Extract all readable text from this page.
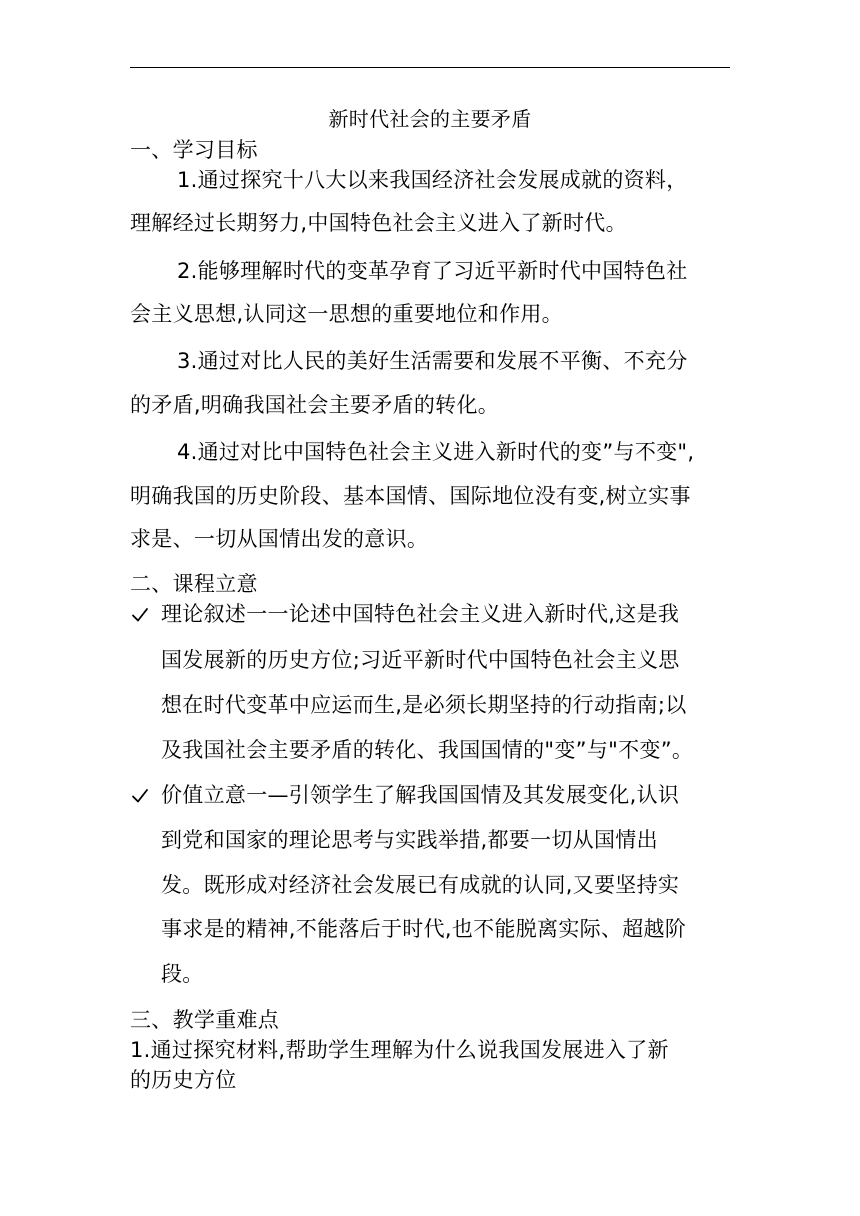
新时代社会的主要矛盾
一、学习目标
1.通过探究十八大以来我国经济社会发展成就的资料，
理解经过长期努力,中国特色社会主义进入了新时代。
2.能够理解时代的变革孕育了习近平新时代中国特色社
会主义思想,认同这一思想的重要地位和作用。
3.通过对比人民的美好生活需要和发展不平衡、不充分
的矛盾,明确我国社会主要矛盾的转化。
4.通过对比中国特色社会主义进入新时代的变”与不变",
明确我国的历史阶段、基本国情、国际地位没有变,树立实事
求是、一切从国情出发的意识。
二、课程立意
理论叙述一一论述中国特色社会主义进入新时代,这是我
国发展新的历史方位;习近平新时代中国特色社会主义思
想在时代变革中应运而生,是必须长期坚持的行动指南;以
及我国社会主要矛盾的转化、我国国情的"变”与"不变”。
价值立意一—引领学生了解我国国情及其发展变化,认识
到党和国家的理论思考与实践举措,都要一切从国情出
发。既形成对经济社会发展已有成就的认同,又要坚持实
事求是的精神,不能落后于时代,也不能脱离实际、超越阶
段。
三、教学重难点
1.通过探究材料,帮助学生理解为什么说我国发展进入了新
的历史方位
